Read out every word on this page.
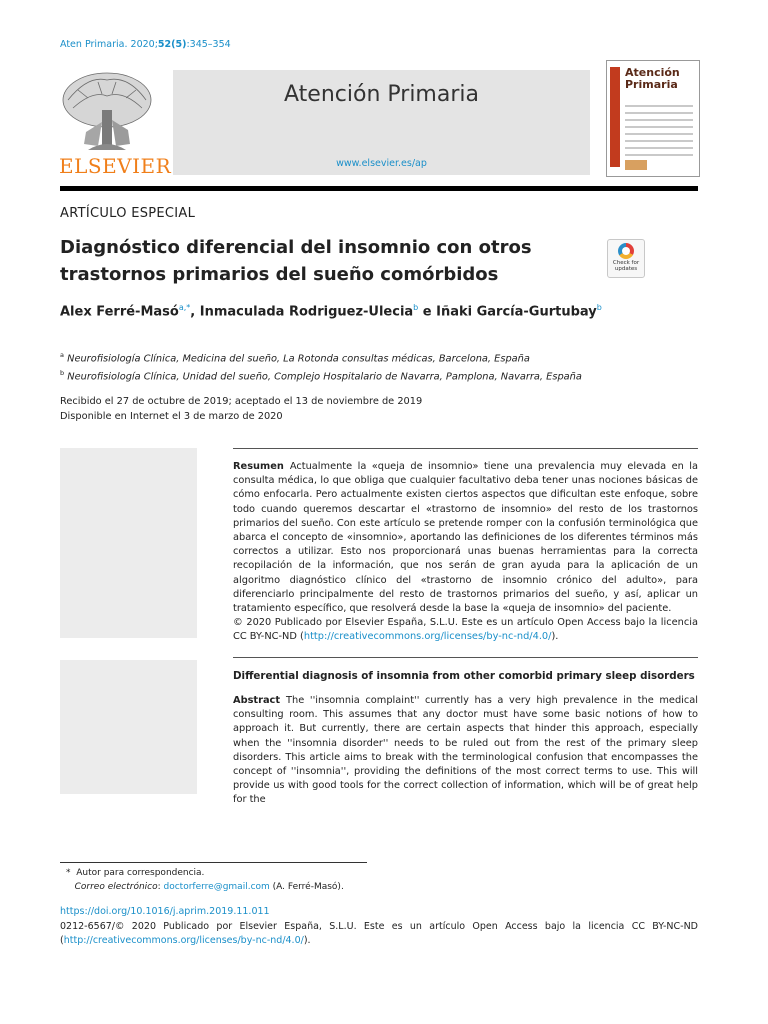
Aten Primaria. 2020;52(5):345–354
ELSEVIER
Atención Primaria
www.elsevier.es/ap
Atención
Primaria
ARTÍCULO ESPECIAL
Diagnóstico diferencial del insomnio con otros trastornos primarios del sueño comórbidos
Check for updates
Alex Ferré-Masó$^{a,*}$, Inmaculada Rodriguez-Ulecia$^b$ e Iñaki García-Gurtubay$^b$
$^a$ Neurofisiología Clínica, Medicina del sueño, La Rotonda consultas médicas, Barcelona, España
$^b$ Neurofisiología Clínica, Unidad del sueño, Complejo Hospitalario de Navarra, Pamplona, Navarra, España
Recibido el 27 de octubre de 2019; aceptado el 13 de noviembre de 2019
Disponible en Internet el 3 de marzo de 2020
Resumen Actualmente la «queja de insomnio» tiene una prevalencia muy elevada en la consulta médica, lo que obliga que cualquier facultativo deba tener unas nociones básicas de cómo enfocarla. Pero actualmente existen ciertos aspectos que dificultan este enfoque, sobre todo cuando queremos descartar el «trastorno de insomnio» del resto de los trastornos primarios del sueño. Con este artículo se pretende romper con la confusión terminológica que abarca el concepto de «insomnio», aportando las definiciones de los diferentes términos más correctos a utilizar. Esto nos proporcionará unas buenas herramientas para la correcta recopilación de la información, que nos serán de gran ayuda para la aplicación de un algoritmo diagnóstico clínico del «trastorno de insomnio crónico del adulto», para diferenciarlo principalmente del resto de trastornos primarios del sueño, y así, aplicar un tratamiento específico, que resolverá desde la base la «queja de insomnio» del paciente.
© 2020 Publicado por Elsevier España, S.L.U. Este es un artículo Open Access bajo la licencia CC BY-NC-ND (http://creativecommons.org/licenses/by-nc-nd/4.0/).
Differential diagnosis of insomnia from other comorbid primary sleep disorders
Abstract The ''insomnia complaint'' currently has a very high prevalence in the medical consulting room. This assumes that any doctor must have some basic notions of how to approach it. But currently, there are certain aspects that hinder this approach, especially when the ''insomnia disorder'' needs to be ruled out from the rest of the primary sleep disorders. This article aims to break with the terminological confusion that encompasses the concept of ''insomnia'', providing the definitions of the most correct terms to use. This will provide us with good tools for the correct collection of information, which will be of great help for the
* Autor para correspondencia.
Correo electrónico: doctorferre@gmail.com (A. Ferré-Masó).
https://doi.org/10.1016/j.aprim.2019.11.011
0212-6567/© 2020 Publicado por Elsevier España, S.L.U. Este es un artículo Open Access bajo la licencia CC BY-NC-ND (http://creativecommons.org/licenses/by-nc-nd/4.0/).
